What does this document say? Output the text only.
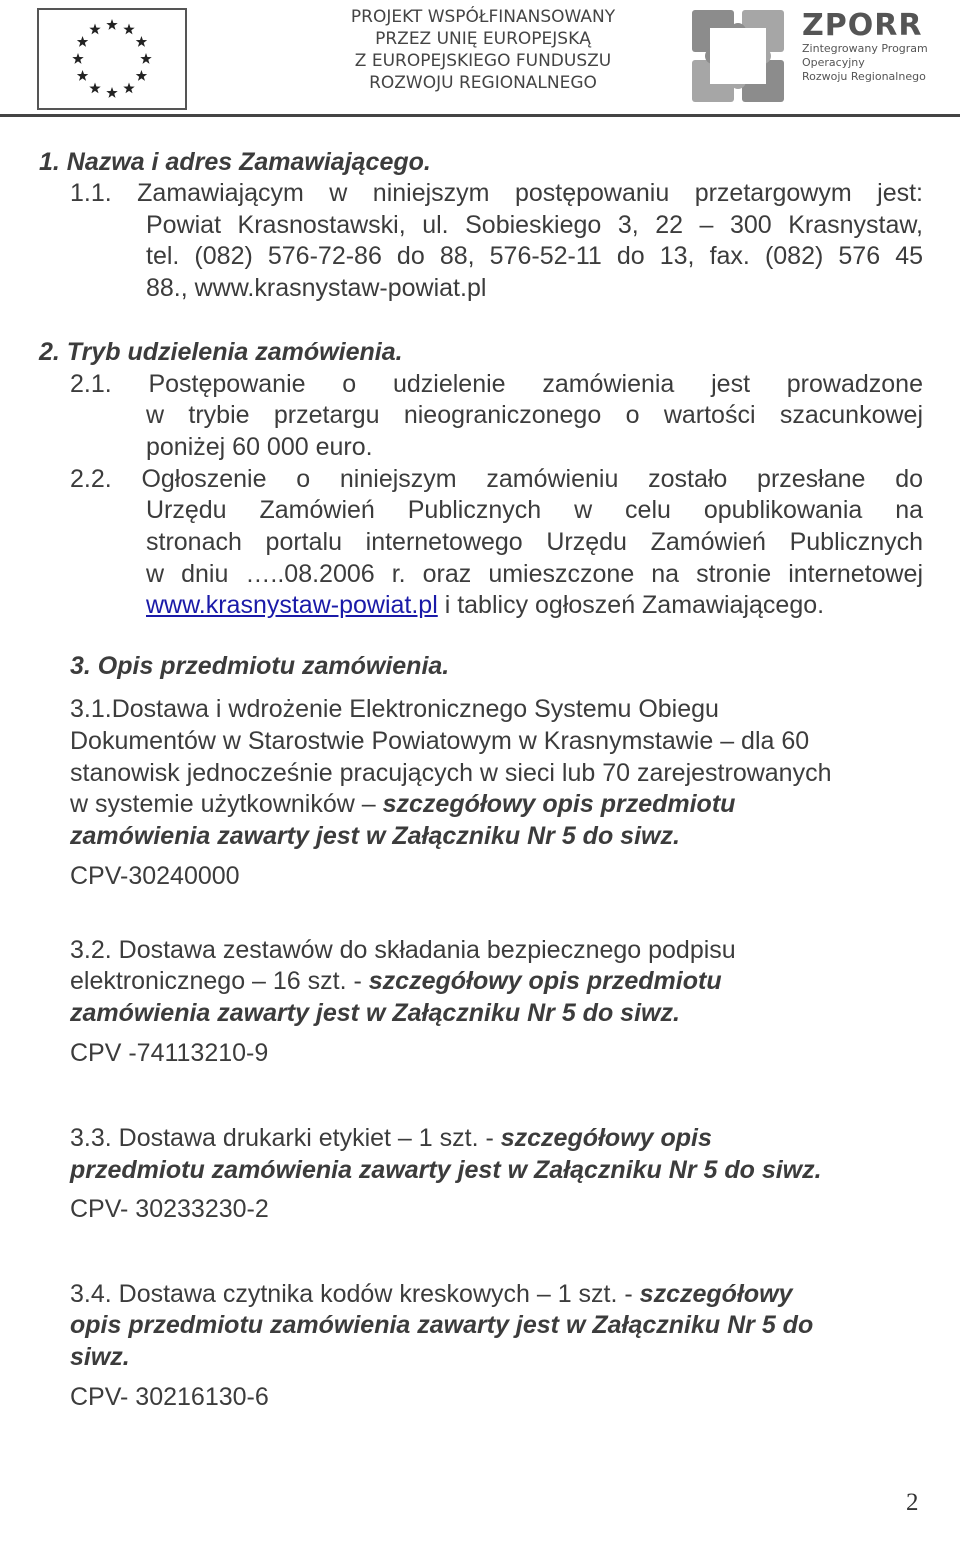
PROJEKT WSPÓŁFINANSOWANY
PRZEZ UNIĘ EUROPEJSKĄ
Z EUROPEJSKIEGO FUNDUSZU
ROZWOJU REGIONALNEGO
ZPORR
Zintegrowany Program
Operacyjny
Rozwoju Regionalnego
1. Nazwa i adres Zamawiającego.
1.1. Zamawiającym w niniejszym postępowaniu przetargowym jest:
Powiat Krasnostawski, ul. Sobieskiego 3, 22 – 300 Krasnystaw,
tel. (082) 576-72-86 do 88, 576-52-11 do 13, fax. (082) 576 45
88., www.krasnystaw-powiat.pl
2. Tryb udzielenia zamówienia.
2.1. Postępowanie o udzielenie zamówienia jest prowadzone
w trybie przetargu nieograniczonego o wartości szacunkowej
poniżej 60 000 euro.
2.2. Ogłoszenie o niniejszym zamówieniu zostało przesłane do
Urzędu Zamówień Publicznych w celu opublikowania na
stronach portalu internetowego Urzędu Zamówień Publicznych
w dniu …..08.2006 r. oraz umieszczone na stronie internetowej
www.krasnystaw-powiat.pl i tablicy ogłoszeń Zamawiającego.
3. Opis przedmiotu zamówienia.
3.1.Dostawa i wdrożenie Elektronicznego Systemu Obiegu
Dokumentów w Starostwie Powiatowym w Krasnymstawie – dla 60
stanowisk jednocześnie pracujących w sieci lub 70 zarejestrowanych
w systemie użytkowników – szczegółowy opis przedmiotu
zamówienia zawarty jest w Załączniku Nr 5 do siwz.
CPV-30240000
3.2. Dostawa zestawów do składania bezpiecznego podpisu
elektronicznego – 16 szt. - szczegółowy opis przedmiotu
zamówienia zawarty jest w Załączniku Nr 5 do siwz.
CPV -74113210-9
3.3. Dostawa drukarki etykiet – 1 szt. - szczegółowy opis
przedmiotu zamówienia zawarty jest w Załączniku Nr 5 do siwz.
CPV- 30233230-2
3.4. Dostawa czytnika kodów kreskowych – 1 szt. - szczegółowy
opis przedmiotu zamówienia zawarty jest w Załączniku Nr 5 do
siwz.
CPV- 30216130-6
2
